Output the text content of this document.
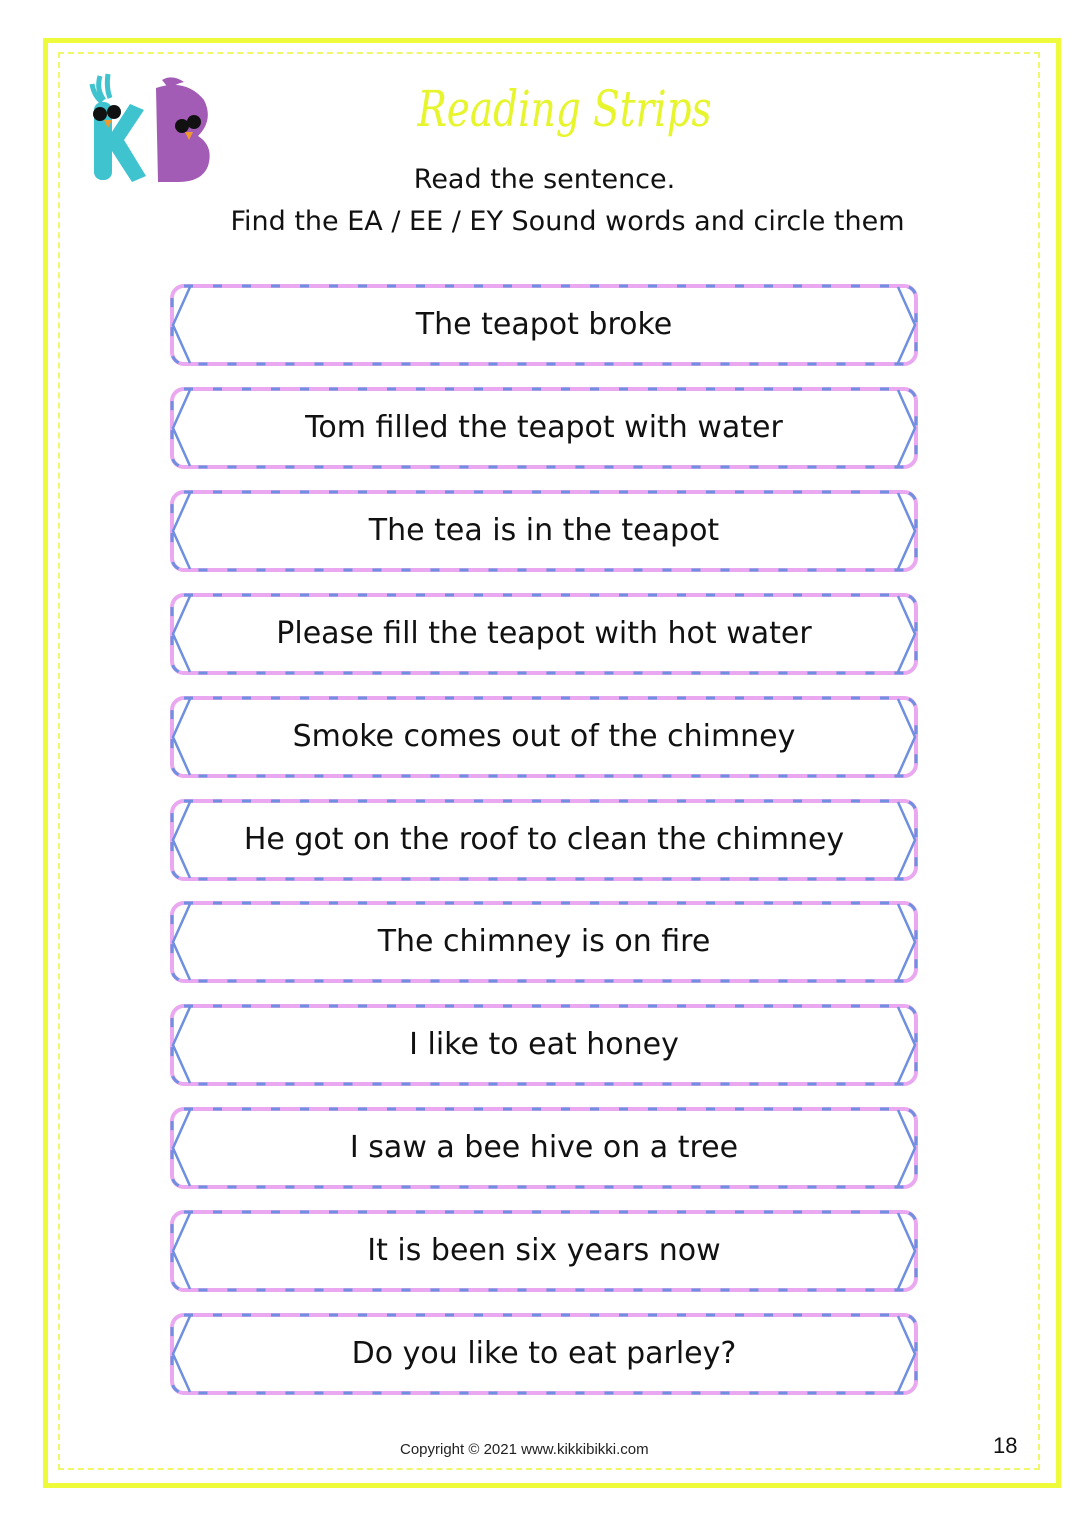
Reading Strips
Read the sentence.
Find the EA / EE / EY Sound words and circle them
The teapot broke
Tom filled the teapot with water
The tea is in the teapot
Please fill the teapot with hot water
Smoke comes out of the chimney
He got on the roof to clean the chimney
The chimney is on fire
I like to eat honey
I saw a bee hive on a tree
It is been six years now
Do you like to eat parley?
Copyright © 2021 www.kikkibikki.com	18
